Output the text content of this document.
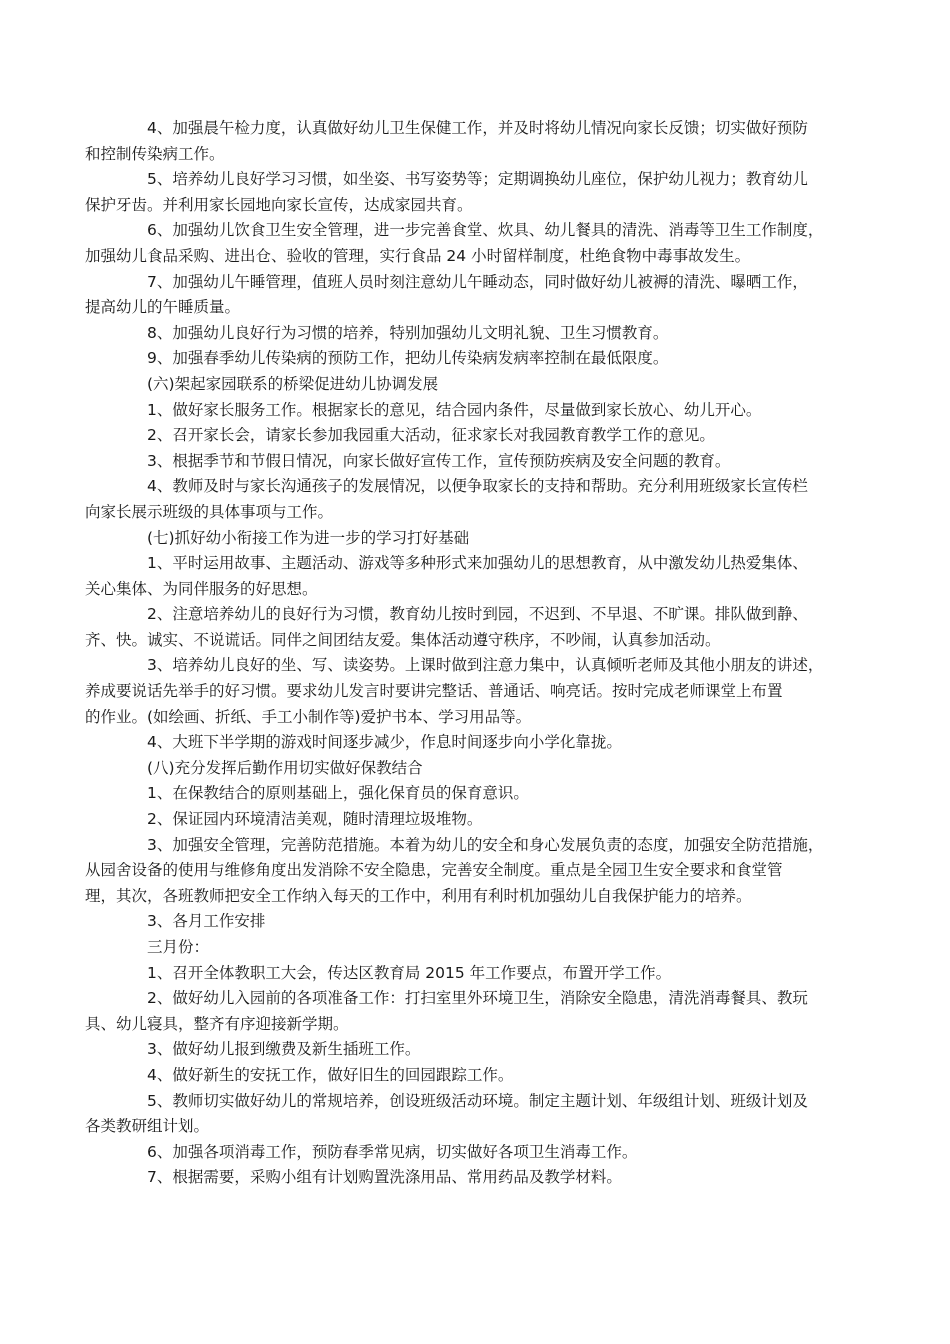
4、加强晨午检力度，认真做好幼儿卫生保健工作，并及时将幼儿情况向家长反馈；切实做好预防
和控制传染病工作。

5、培养幼儿良好学习习惯，如坐姿、书写姿势等；定期调换幼儿座位，保护幼儿视力；教育幼儿
保护牙齿。并利用家长园地向家长宣传，达成家园共育。

6、加强幼儿饮食卫生安全管理，进一步完善食堂、炊具、幼儿餐具的清洗、消毒等卫生工作制度，
加强幼儿食品采购、进出仓、验收的管理，实行食品 24 小时留样制度，杜绝食物中毒事故发生。

7、加强幼儿午睡管理，值班人员时刻注意幼儿午睡动态，同时做好幼儿被褥的清洗、曝晒工作，
提高幼儿的午睡质量。

8、加强幼儿良好行为习惯的培养，特别加强幼儿文明礼貌、卫生习惯教育。

9、加强春季幼儿传染病的预防工作，把幼儿传染病发病率控制在最低限度。

(六)架起家园联系的桥梁促进幼儿协调发展

1、做好家长服务工作。根据家长的意见，结合园内条件，尽量做到家长放心、幼儿开心。

2、召开家长会，请家长参加我园重大活动，征求家长对我园教育教学工作的意见。

3、根据季节和节假日情况，向家长做好宣传工作，宣传预防疾病及安全问题的教育。

4、教师及时与家长沟通孩子的发展情况，以便争取家长的支持和帮助。充分利用班级家长宣传栏
向家长展示班级的具体事项与工作。

(七)抓好幼小衔接工作为进一步的学习打好基础

1、平时运用故事、主题活动、游戏等多种形式来加强幼儿的思想教育，从中激发幼儿热爱集体、
关心集体、为同伴服务的好思想。

2、注意培养幼儿的良好行为习惯，教育幼儿按时到园，不迟到、不早退、不旷课。排队做到静、
齐、快。诚实、不说谎话。同伴之间团结友爱。集体活动遵守秩序，不吵闹，认真参加活动。

3、培养幼儿良好的坐、写、读姿势。上课时做到注意力集中，认真倾听老师及其他小朋友的讲述，
养成要说话先举手的好习惯。要求幼儿发言时要讲完整话、普通话、响亮话。按时完成老师课堂上布置
的作业。(如绘画、折纸、手工小制作等)爱护书本、学习用品等。

4、大班下半学期的游戏时间逐步减少，作息时间逐步向小学化靠拢。

(八)充分发挥后勤作用切实做好保教结合

1、在保教结合的原则基础上，强化保育员的保育意识。

2、保证园内环境清洁美观，随时清理垃圾堆物。

3、加强安全管理，完善防范措施。本着为幼儿的安全和身心发展负责的态度，加强安全防范措施，
从园舍设备的使用与维修角度出发消除不安全隐患，完善安全制度。重点是全园卫生安全要求和食堂管
理，其次，各班教师把安全工作纳入每天的工作中，利用有利时机加强幼儿自我保护能力的培养。

3、各月工作安排

三月份：

1、召开全体教职工大会，传达区教育局 2015 年工作要点，布置开学工作。

2、做好幼儿入园前的各项准备工作：打扫室里外环境卫生，消除安全隐患，清洗消毒餐具、教玩
具、幼儿寝具，整齐有序迎接新学期。

3、做好幼儿报到缴费及新生插班工作。

4、做好新生的安抚工作，做好旧生的回园跟踪工作。

5、教师切实做好幼儿的常规培养，创设班级活动环境。制定主题计划、年级组计划、班级计划及
各类教研组计划。

6、加强各项消毒工作，预防春季常见病，切实做好各项卫生消毒工作。

7、根据需要，采购小组有计划购置洗涤用品、常用药品及教学材料。
